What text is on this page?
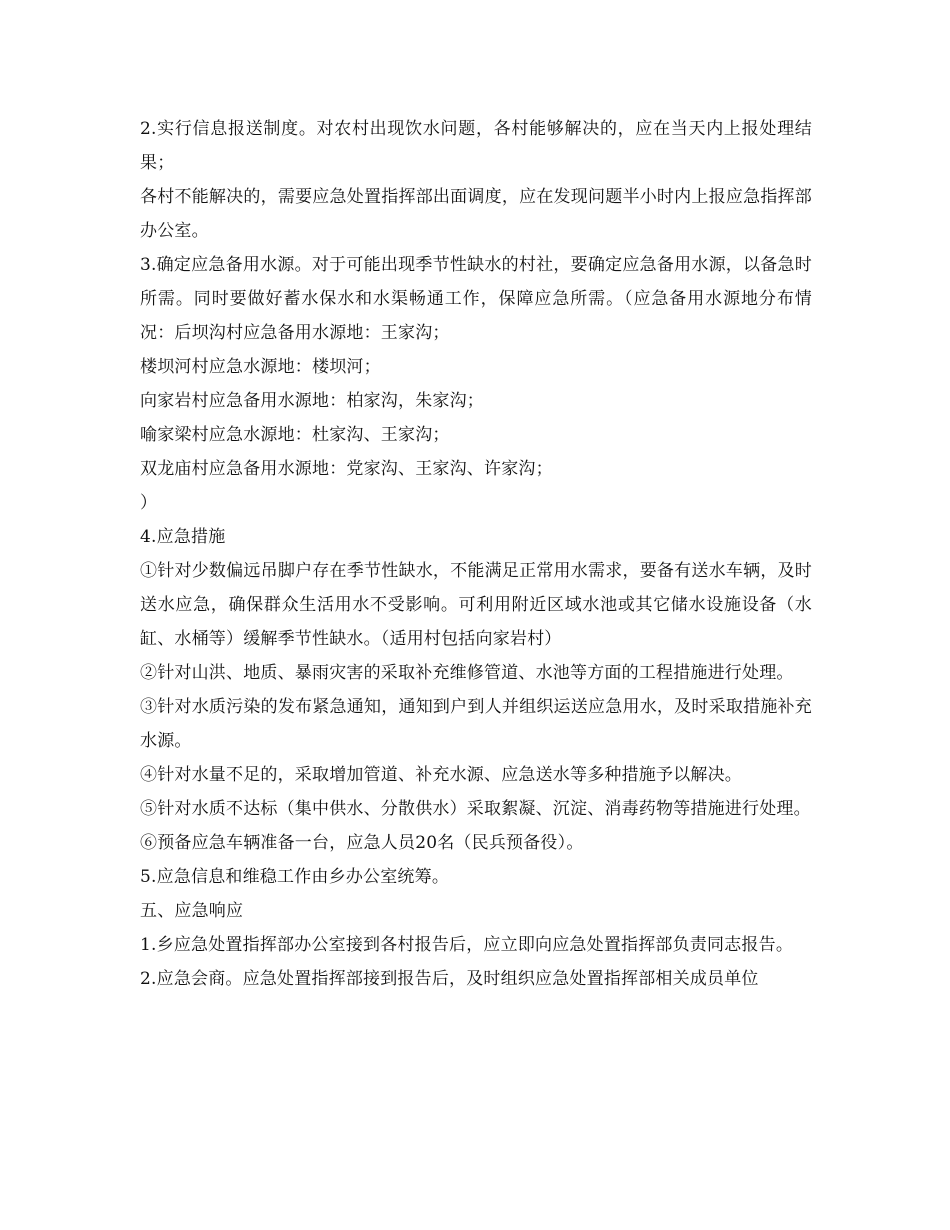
2.实行信息报送制度。对农村出现饮水问题，各村能够解决的，应在当天内上报处理结果；

各村不能解决的，需要应急处置指挥部出面调度，应在发现问题半小时内上报应急指挥部办公室。

3.确定应急备用水源。对于可能出现季节性缺水的村社，要确定应急备用水源，以备急时所需。同时要做好蓄水保水和水渠畅通工作，保障应急所需。（应急备用水源地分布情况：后坝沟村应急备用水源地：王家沟；

楼坝河村应急水源地：楼坝河；

向家岩村应急备用水源地：柏家沟，朱家沟；

喻家梁村应急水源地：杜家沟、王家沟；

双龙庙村应急备用水源地：党家沟、王家沟、许家沟；

）

4.应急措施

①针对少数偏远吊脚户存在季节性缺水，不能满足正常用水需求，要备有送水车辆，及时送水应急，确保群众生活用水不受影响。可利用附近区域水池或其它储水设施设备（水缸、水桶等）缓解季节性缺水。（适用村包括向家岩村）

②针对山洪、地质、暴雨灾害的采取补充维修管道、水池等方面的工程措施进行处理。

③针对水质污染的发布紧急通知，通知到户到人并组织运送应急用水，及时采取措施补充水源。

④针对水量不足的，采取增加管道、补充水源、应急送水等多种措施予以解决。

⑤针对水质不达标（集中供水、分散供水）采取絮凝、沉淀、消毒药物等措施进行处理。

⑥预备应急车辆准备一台，应急人员20名（民兵预备役）。

5.应急信息和维稳工作由乡办公室统筹。

五、应急响应

1.乡应急处置指挥部办公室接到各村报告后，应立即向应急处置指挥部负责同志报告。

2.应急会商。应急处置指挥部接到报告后，及时组织应急处置指挥部相关成员单位
